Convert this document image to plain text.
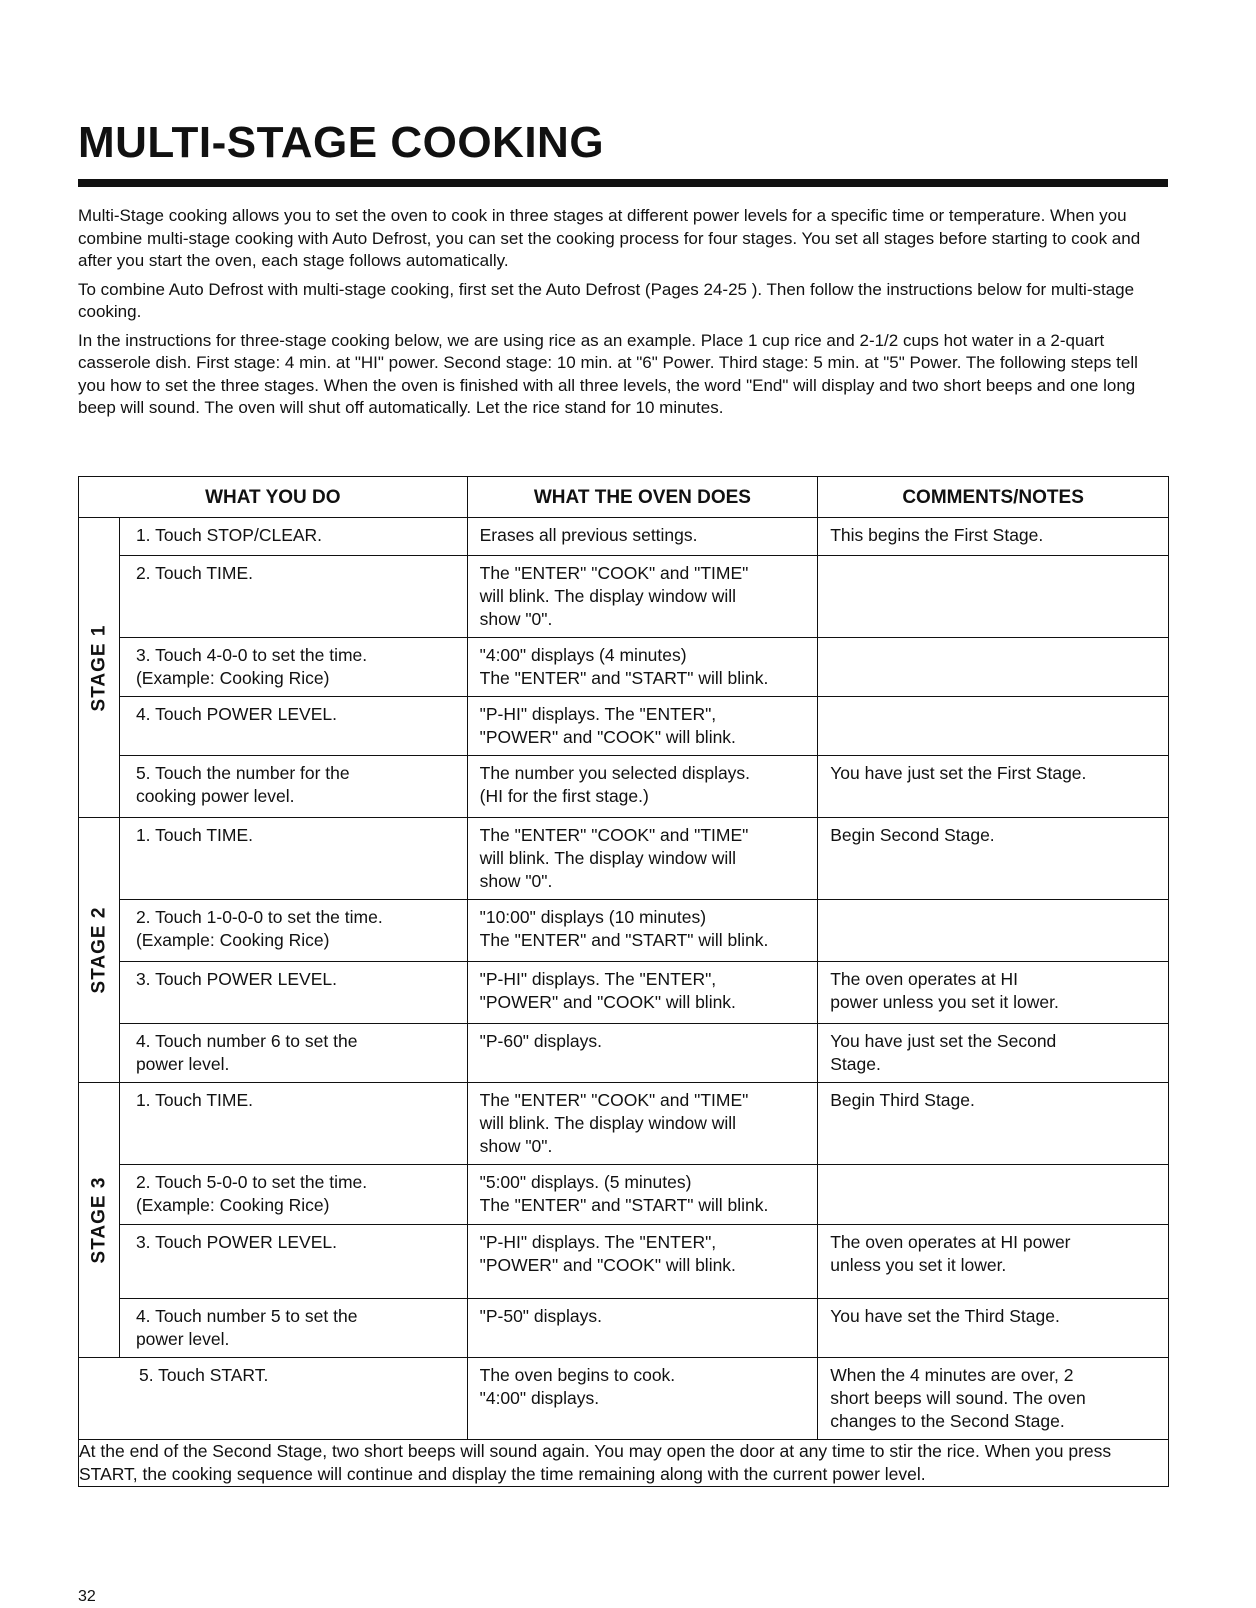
MULTI-STAGE COOKING

Multi-Stage cooking allows you to set the oven to cook in three stages at different power levels for a specific time or temperature. When you combine multi-stage cooking with Auto Defrost, you can set the cooking process for four stages. You set all stages before starting to cook and after you start the oven, each stage follows automatically.

To combine Auto Defrost with multi-stage cooking, first set the Auto Defrost (Pages 24-25 ). Then follow the instructions below for multi-stage cooking.

In the instructions for three-stage cooking below, we are using rice as an example. Place 1 cup rice and 2-1/2 cups hot water in a 2-quart casserole dish. First stage: 4 min. at "HI" power. Second stage: 10 min. at "6" Power. Third stage: 5 min. at "5" Power. The following steps tell you how to set the three stages. When the oven is finished with all three levels, the word "End" will display and two short beeps and one long beep will sound. The oven will shut off automatically. Let the rice stand for 10 minutes.

WHAT YOU DO		WHAT THE OVEN DOES	COMMENTS/NOTES

STAGE 1	1. Touch STOP/CLEAR.	Erases all previous settings.	This begins the First Stage.

	2. Touch TIME.	The "ENTER" "COOK" and "TIME"
will blink. The display window will
show "0".	

	3. Touch 4-0-0 to set the time.
(Example: Cooking Rice)	"4:00" displays (4 minutes)
The "ENTER" and "START" will blink.	

	4. Touch POWER LEVEL.	"P-HI" displays. The "ENTER",
"POWER" and "COOK" will blink.	

	5. Touch the number for the
cooking power level.	The number you selected displays.
(HI for the first stage.)	You have just set the First Stage.

STAGE 2	1. Touch TIME.	The "ENTER" "COOK" and "TIME"
will blink. The display window will
show "0".	Begin Second Stage.

	2. Touch 1-0-0-0 to set the time.
(Example: Cooking Rice)	"10:00" displays (10 minutes)
The "ENTER" and "START" will blink.	

	3. Touch POWER LEVEL.	"P-HI" displays. The "ENTER",
"POWER" and "COOK" will blink.	The oven operates at HI
power unless you set it lower.

	4. Touch number 6 to set the
power level.	"P-60" displays.	You have just set the Second
Stage.

STAGE 3	1. Touch TIME.	The "ENTER" "COOK" and "TIME"
will blink. The display window will
show "0".	Begin Third Stage.

	2. Touch 5-0-0 to set the time.
(Example: Cooking Rice)	"5:00" displays. (5 minutes)
The "ENTER" and "START" will blink.	

	3. Touch POWER LEVEL.	"P-HI" displays. The "ENTER",
"POWER" and "COOK" will blink.	The oven operates at HI power
unless you set it lower.

	4. Touch number 5 to set the
power level.	"P-50" displays.	You have set the Third Stage.

5. Touch START.		The oven begins to cook.
"4:00" displays.	When the 4 minutes are over, 2
short beeps will sound. The oven
changes to the Second Stage.

At the end of the Second Stage, two short beeps will sound again. You may open the door at any time to stir the rice. When you press START, the cooking sequence will continue and display the time remaining along with the current power level.			
32
